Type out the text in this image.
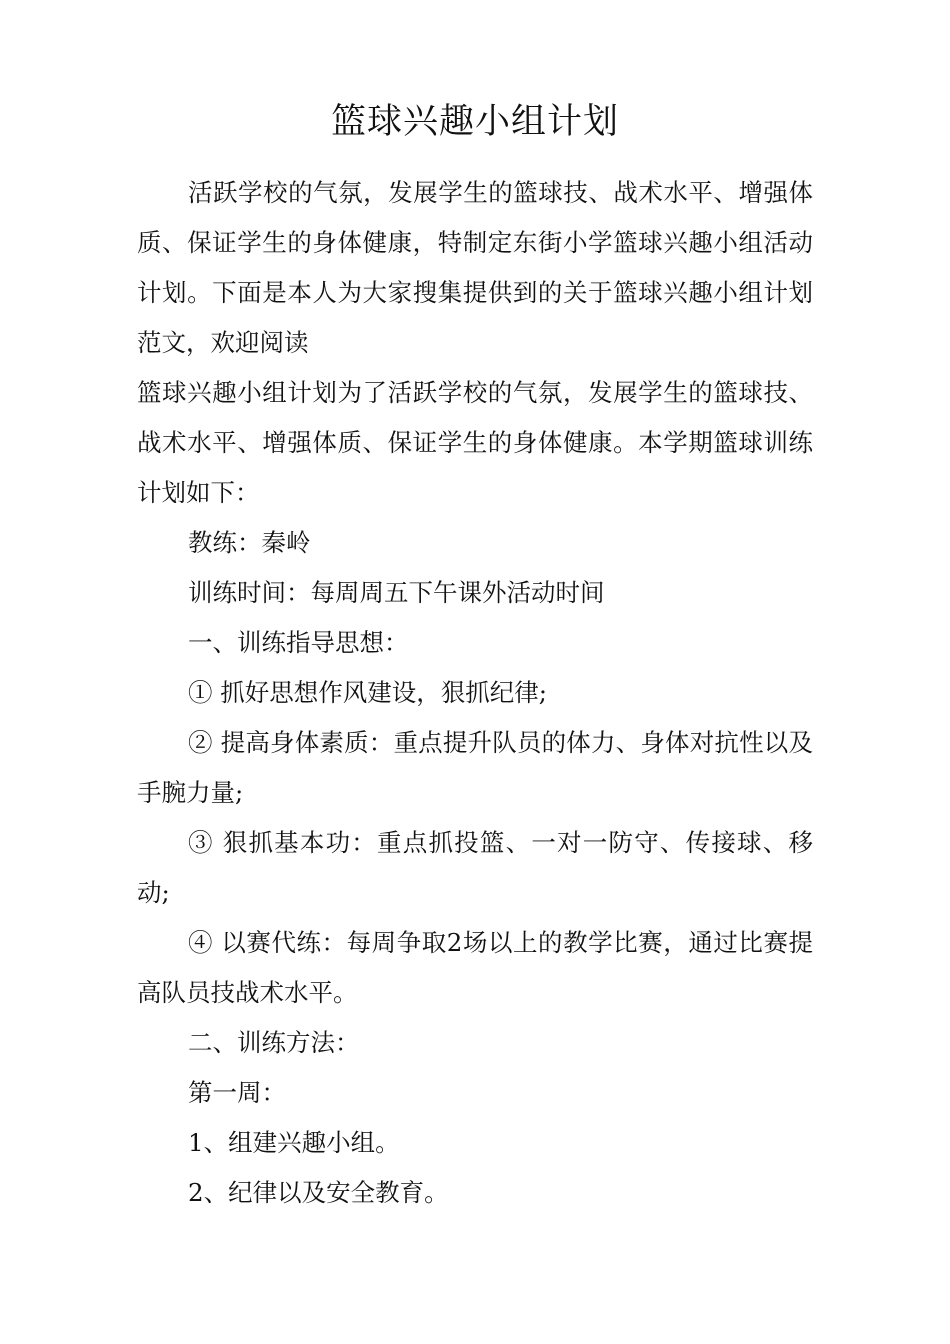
篮球兴趣小组计划

活跃学校的气氛，发展学生的篮球技、战术水平、增强体质、保证学生的身体健康，特制定东街小学篮球兴趣小组活动计划。下面是本人为大家搜集提供到的关于篮球兴趣小组计划范文，欢迎阅读

篮球兴趣小组计划为了活跃学校的气氛，发展学生的篮球技、战术水平、增强体质、保证学生的身体健康。本学期篮球训练计划如下：

教练：秦岭

训练时间：每周周五下午课外活动时间

一、训练指导思想：

① 抓好思想作风建设，狠抓纪律;

② 提高身体素质：重点提升队员的体力、身体对抗性以及手腕力量;

③ 狠抓基本功：重点抓投篮、一对一防守、传接球、移动;

④ 以赛代练：每周争取2场以上的教学比赛，通过比赛提高队员技战术水平。

二、训练方法：

第一周：

1、组建兴趣小组。

2、纪律以及安全教育。
